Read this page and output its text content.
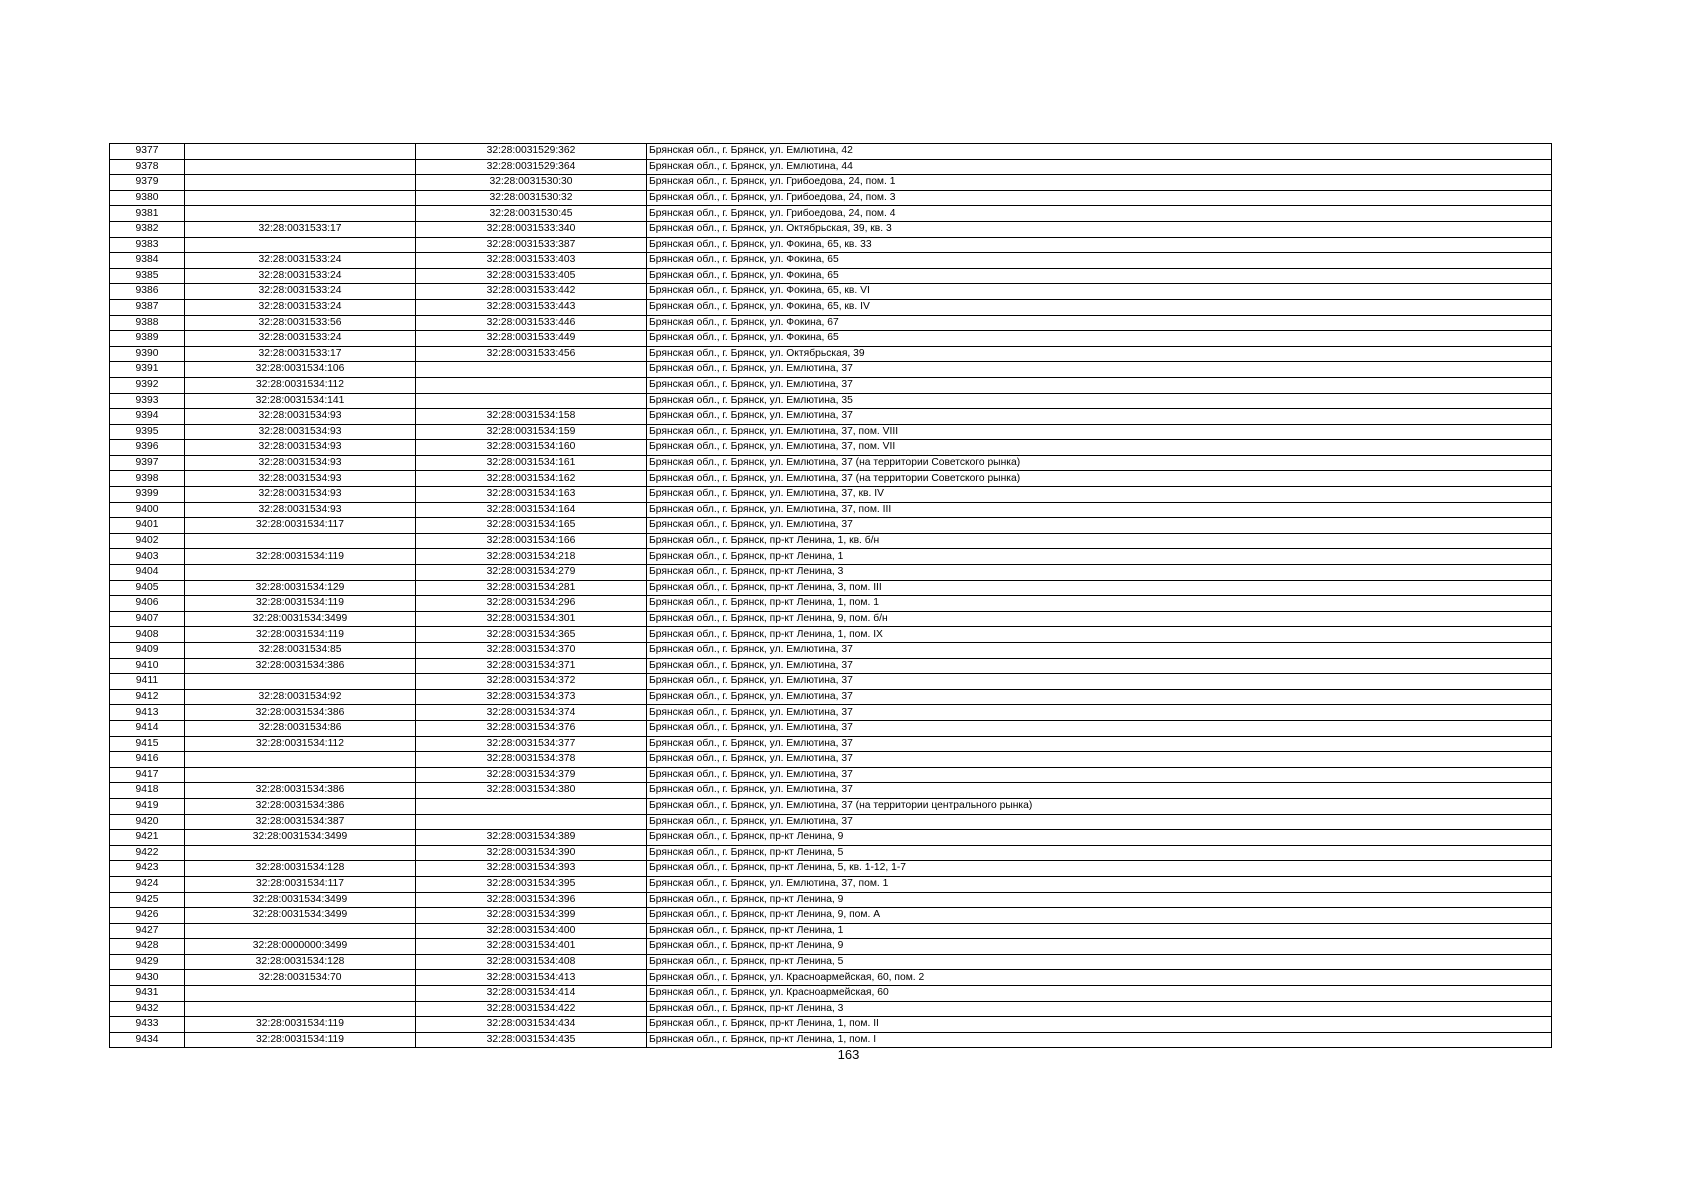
9377		32:28:0031529:362	Брянская обл., г. Брянск, ул. Емлютина, 42
9378		32:28:0031529:364	Брянская обл., г. Брянск, ул. Емлютина, 44
9379		32:28:0031530:30	Брянская обл., г. Брянск, ул. Грибоедова, 24, пом. 1
9380		32:28:0031530:32	Брянская обл., г. Брянск, ул. Грибоедова, 24, пом. 3
9381		32:28:0031530:45	Брянская обл., г. Брянск, ул. Грибоедова, 24, пом. 4
9382	32:28:0031533:17	32:28:0031533:340	Брянская обл., г. Брянск, ул. Октябрьская, 39, кв. 3
9383		32:28:0031533:387	Брянская обл., г. Брянск, ул. Фокина, 65, кв. 33
9384	32:28:0031533:24	32:28:0031533:403	Брянская обл., г. Брянск, ул. Фокина, 65
9385	32:28:0031533:24	32:28:0031533:405	Брянская обл., г. Брянск, ул. Фокина, 65
9386	32:28:0031533:24	32:28:0031533:442	Брянская обл., г. Брянск, ул. Фокина, 65, кв. VI
9387	32:28:0031533:24	32:28:0031533:443	Брянская обл., г. Брянск, ул. Фокина, 65, кв. IV
9388	32:28:0031533:56	32:28:0031533:446	Брянская обл., г. Брянск, ул. Фокина, 67
9389	32:28:0031533:24	32:28:0031533:449	Брянская обл., г. Брянск, ул. Фокина, 65
9390	32:28:0031533:17	32:28:0031533:456	Брянская обл., г. Брянск, ул. Октябрьская, 39
9391	32:28:0031534:106		Брянская обл., г. Брянск, ул. Емлютина, 37
9392	32:28:0031534:112		Брянская обл., г. Брянск, ул. Емлютина, 37
9393	32:28:0031534:141		Брянская обл., г. Брянск, ул. Емлютина, 35
9394	32:28:0031534:93	32:28:0031534:158	Брянская обл., г. Брянск, ул. Емлютина, 37
9395	32:28:0031534:93	32:28:0031534:159	Брянская обл., г. Брянск, ул. Емлютина, 37, пом. VIII
9396	32:28:0031534:93	32:28:0031534:160	Брянская обл., г. Брянск, ул. Емлютина, 37, пом. VII
9397	32:28:0031534:93	32:28:0031534:161	Брянская обл., г. Брянск, ул. Емлютина, 37 (на территории Советского рынка)
9398	32:28:0031534:93	32:28:0031534:162	Брянская обл., г. Брянск, ул. Емлютина, 37 (на территории Советского рынка)
9399	32:28:0031534:93	32:28:0031534:163	Брянская обл., г. Брянск, ул. Емлютина, 37, кв. IV
9400	32:28:0031534:93	32:28:0031534:164	Брянская обл., г. Брянск, ул. Емлютина, 37, пом. III
9401	32:28:0031534:117	32:28:0031534:165	Брянская обл., г. Брянск, ул. Емлютина, 37
9402		32:28:0031534:166	Брянская обл., г. Брянск, пр-кт Ленина, 1, кв. б/н
9403	32:28:0031534:119	32:28:0031534:218	Брянская обл., г. Брянск, пр-кт Ленина, 1
9404		32:28:0031534:279	Брянская обл., г. Брянск, пр-кт Ленина, 3
9405	32:28:0031534:129	32:28:0031534:281	Брянская обл., г. Брянск, пр-кт Ленина, 3, пом. III
9406	32:28:0031534:119	32:28:0031534:296	Брянская обл., г. Брянск, пр-кт Ленина, 1, пом. 1
9407	32:28:0031534:3499	32:28:0031534:301	Брянская обл., г. Брянск, пр-кт Ленина, 9, пом. б/н
9408	32:28:0031534:119	32:28:0031534:365	Брянская обл., г. Брянск, пр-кт Ленина, 1, пом. IX
9409	32:28:0031534:85	32:28:0031534:370	Брянская обл., г. Брянск, ул. Емлютина, 37
9410	32:28:0031534:386	32:28:0031534:371	Брянская обл., г. Брянск, ул. Емлютина, 37
9411		32:28:0031534:372	Брянская обл., г. Брянск, ул. Емлютина, 37
9412	32:28:0031534:92	32:28:0031534:373	Брянская обл., г. Брянск, ул. Емлютина, 37
9413	32:28:0031534:386	32:28:0031534:374	Брянская обл., г. Брянск, ул. Емлютина, 37
9414	32:28:0031534:86	32:28:0031534:376	Брянская обл., г. Брянск, ул. Емлютина, 37
9415	32:28:0031534:112	32:28:0031534:377	Брянская обл., г. Брянск, ул. Емлютина, 37
9416		32:28:0031534:378	Брянская обл., г. Брянск, ул. Емлютина, 37
9417		32:28:0031534:379	Брянская обл., г. Брянск, ул. Емлютина, 37
9418	32:28:0031534:386	32:28:0031534:380	Брянская обл., г. Брянск, ул. Емлютина, 37
9419	32:28:0031534:386		Брянская обл., г. Брянск, ул. Емлютина, 37 (на территории центрального рынка)
9420	32:28:0031534:387		Брянская обл., г. Брянск, ул. Емлютина, 37
9421	32:28:0031534:3499	32:28:0031534:389	Брянская обл., г. Брянск, пр-кт Ленина, 9
9422		32:28:0031534:390	Брянская обл., г. Брянск, пр-кт Ленина, 5
9423	32:28:0031534:128	32:28:0031534:393	Брянская обл., г. Брянск, пр-кт Ленина, 5, кв. 1-12, 1-7
9424	32:28:0031534:117	32:28:0031534:395	Брянская обл., г. Брянск, ул. Емлютина, 37, пом. 1
9425	32:28:0031534:3499	32:28:0031534:396	Брянская обл., г. Брянск, пр-кт Ленина, 9
9426	32:28:0031534:3499	32:28:0031534:399	Брянская обл., г. Брянск, пр-кт Ленина, 9, пом. А
9427		32:28:0031534:400	Брянская обл., г. Брянск, пр-кт Ленина, 1
9428	32:28:0000000:3499	32:28:0031534:401	Брянская обл., г. Брянск, пр-кт Ленина, 9
9429	32:28:0031534:128	32:28:0031534:408	Брянская обл., г. Брянск, пр-кт Ленина, 5
9430	32:28:0031534:70	32:28:0031534:413	Брянская обл., г. Брянск, ул. Красноармейская, 60, пом. 2
9431		32:28:0031534:414	Брянская обл., г. Брянск, ул. Красноармейская, 60
9432		32:28:0031534:422	Брянская обл., г. Брянск, пр-кт Ленина, 3
9433	32:28:0031534:119	32:28:0031534:434	Брянская обл., г. Брянск, пр-кт Ленина, 1, пом. II
9434	32:28:0031534:119	32:28:0031534:435	Брянская обл., г. Брянск, пр-кт Ленина, 1, пом. I
163
